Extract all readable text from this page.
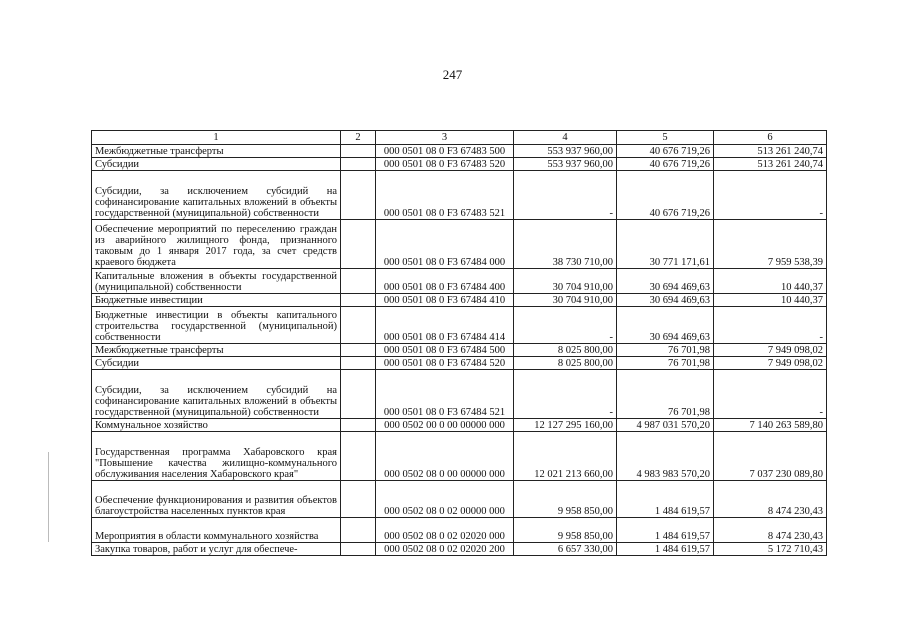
247
1	2	3	4	5	6
Межбюджетные трансферты		000 0501 08 0 F3 67483 500	553 937 960,00	40 676 719,26	513 261 240,74
Субсидии		000 0501 08 0 F3 67483 520	553 937 960,00	40 676 719,26	513 261 240,74
Субсидии, за исключением субсидий на софинансирование капитальных вложений в объекты государственной (муниципальной) собственности		000 0501 08 0 F3 67483 521	-	40 676 719,26	-
Обеспечение мероприятий по переселению граждан из аварийного жилищного фонда, признанного таковым до 1 января 2017 года, за счет средств краевого бюджета		000 0501 08 0 F3 67484 000	38 730 710,00	30 771 171,61	7 959 538,39
Капитальные вложения в объекты государственной (муниципальной) собственности		000 0501 08 0 F3 67484 400	30 704 910,00	30 694 469,63	10 440,37
Бюджетные инвестиции		000 0501 08 0 F3 67484 410	30 704 910,00	30 694 469,63	10 440,37
Бюджетные инвестиции в объекты капитального строительства государственной (муниципальной) собственности		000 0501 08 0 F3 67484 414	-	30 694 469,63	-
Межбюджетные трансферты		000 0501 08 0 F3 67484 500	8 025 800,00	76 701,98	7 949 098,02
Субсидии		000 0501 08 0 F3 67484 520	8 025 800,00	76 701,98	7 949 098,02
Субсидии, за исключением субсидий на софинансирование капитальных вложений в объекты государственной (муниципальной) собственности		000 0501 08 0 F3 67484 521	-	76 701,98	-
Коммунальное хозяйство		000 0502 00 0 00 00000 000	12 127 295 160,00	4 987 031 570,20	7 140 263 589,80
Государственная программа Хабаровского края "Повышение качества жилищно-коммунального обслуживания населения Хабаровского края"		000 0502 08 0 00 00000 000	12 021 213 660,00	4 983 983 570,20	7 037 230 089,80
Обеспечение функционирования и развития объектов благоустройства населенных пунктов края		000 0502 08 0 02 00000 000	9 958 850,00	1 484 619,57	8 474 230,43
Мероприятия в области коммунального хозяйства		000 0502 08 0 02 02020 000	9 958 850,00	1 484 619,57	8 474 230,43
Закупка товаров, работ и услуг для обеспече-		000 0502 08 0 02 02020 200	6 657 330,00	1 484 619,57	5 172 710,43
